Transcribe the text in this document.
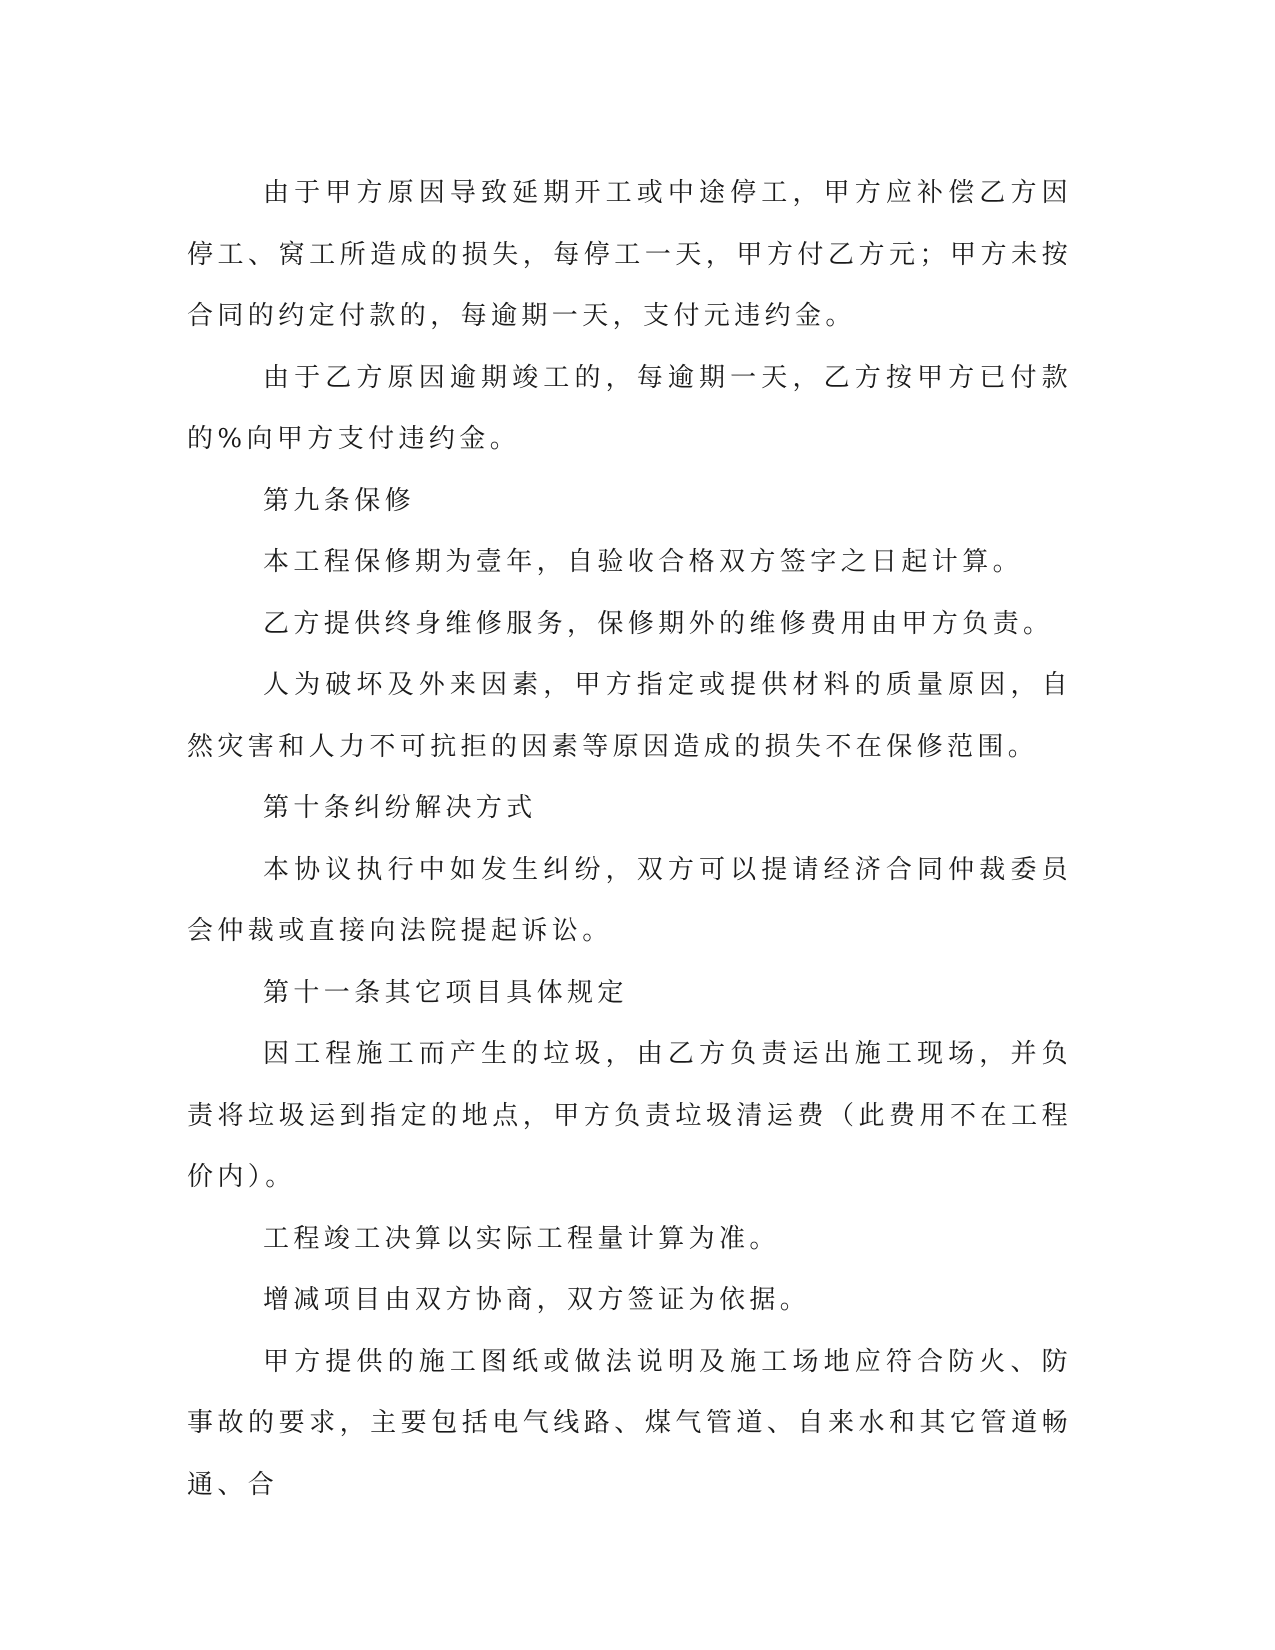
由于甲方原因导致延期开工或中途停工，甲方应补偿乙方因停工、窝工所造成的损失，每停工一天，甲方付乙方元；甲方未按合同的约定付款的，每逾期一天，支付元违约金。

由于乙方原因逾期竣工的，每逾期一天，乙方按甲方已付款的%向甲方支付违约金。

第九条保修

本工程保修期为壹年，自验收合格双方签字之日起计算。

乙方提供终身维修服务，保修期外的维修费用由甲方负责。

人为破坏及外来因素，甲方指定或提供材料的质量原因，自然灾害和人力不可抗拒的因素等原因造成的损失不在保修范围。

第十条纠纷解决方式

本协议执行中如发生纠纷，双方可以提请经济合同仲裁委员会仲裁或直接向法院提起诉讼。

第十一条其它项目具体规定

因工程施工而产生的垃圾，由乙方负责运出施工现场，并负责将垃圾运到指定的地点，甲方负责垃圾清运费（此费用不在工程价内）。

工程竣工决算以实际工程量计算为准。

增减项目由双方协商，双方签证为依据。

甲方提供的施工图纸或做法说明及施工场地应符合防火、防事故的要求，主要包括电气线路、煤气管道、自来水和其它管道畅通、合
